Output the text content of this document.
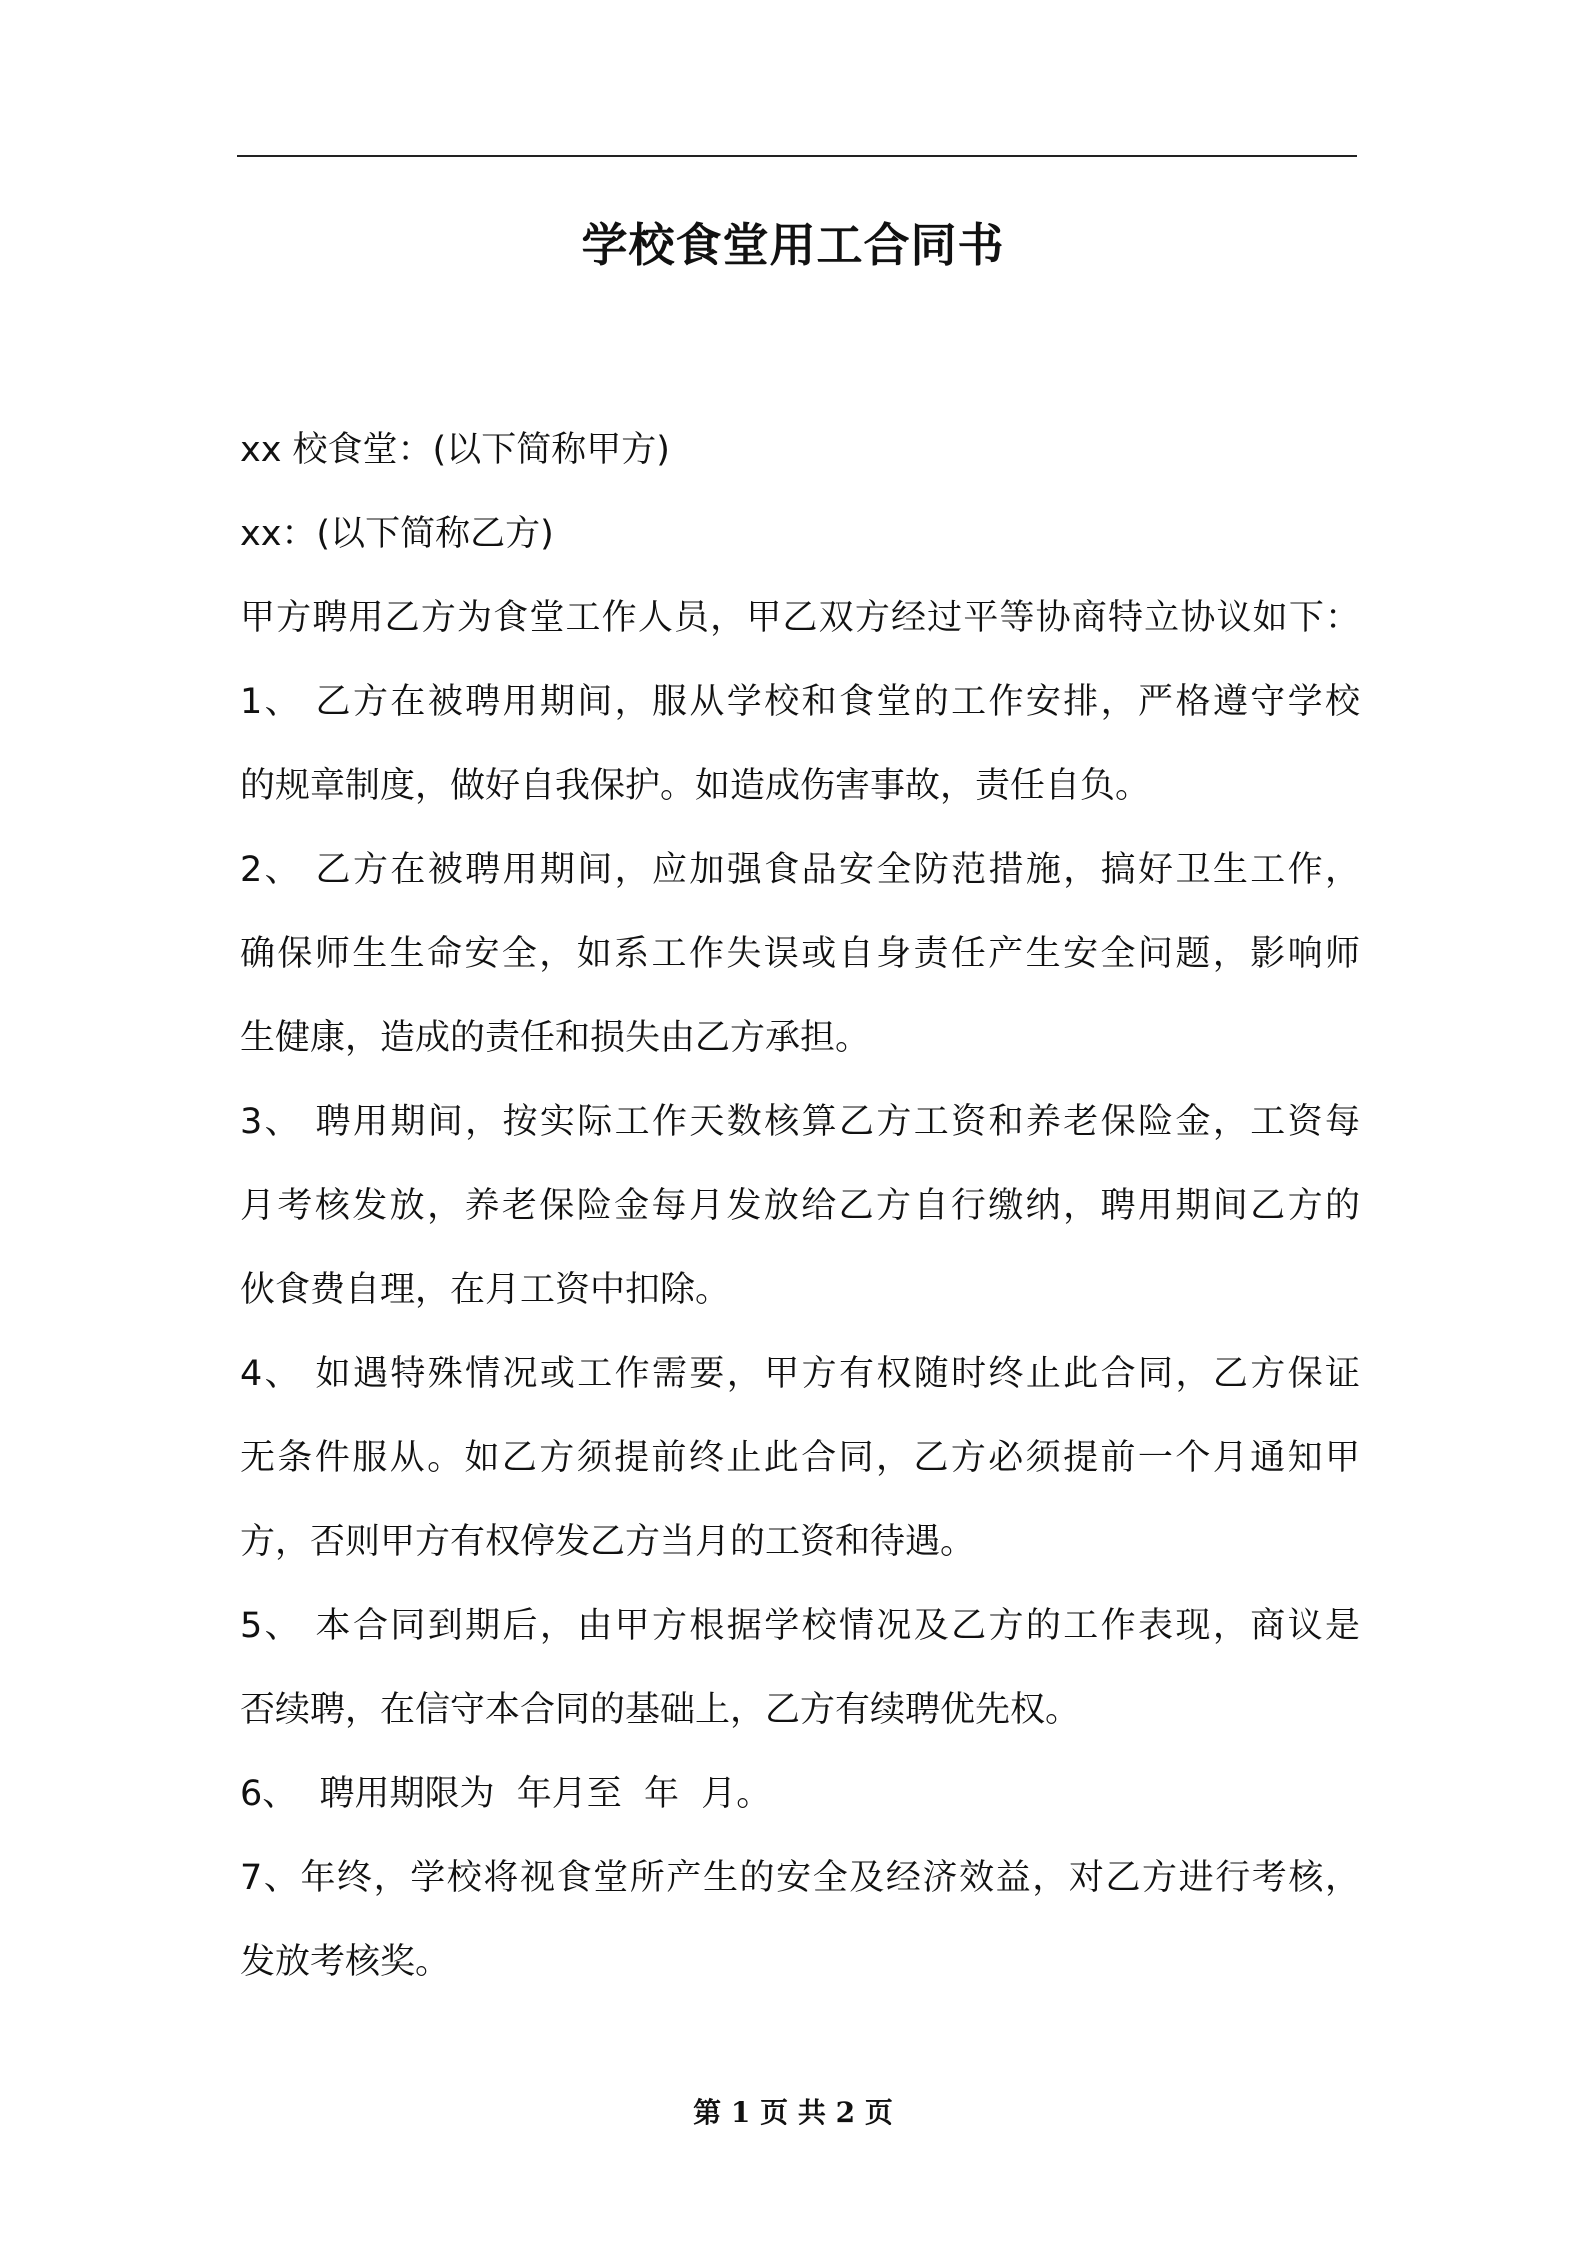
学校食堂用工合同书
xx 校食堂：(以下简称甲方)
xx：(以下简称乙方)
甲方聘用乙方为食堂工作人员，甲乙双方经过平等协商特立协议如下：
1、 乙方在被聘用期间，服从学校和食堂的工作安排，严格遵守学校
的规章制度，做好自我保护。如造成伤害事故，责任自负。
2、 乙方在被聘用期间，应加强食品安全防范措施，搞好卫生工作，
确保师生生命安全，如系工作失误或自身责任产生安全问题，影响师
生健康，造成的责任和损失由乙方承担。
3、 聘用期间，按实际工作天数核算乙方工资和养老保险金，工资每
月考核发放，养老保险金每月发放给乙方自行缴纳，聘用期间乙方的
伙食费自理，在月工资中扣除。
4、 如遇特殊情况或工作需要，甲方有权随时终止此合同，乙方保证
无条件服从。如乙方须提前终止此合同，乙方必须提前一个月通知甲
方，否则甲方有权停发乙方当月的工资和待遇。
5、 本合同到期后，由甲方根据学校情况及乙方的工作表现，商议是
否续聘，在信守本合同的基础上，乙方有续聘优先权。
6、  聘用期限为  年月至  年  月。
7、年终，学校将视食堂所产生的安全及经济效益，对乙方进行考核，
发放考核奖。
第 1 页 共 2 页
